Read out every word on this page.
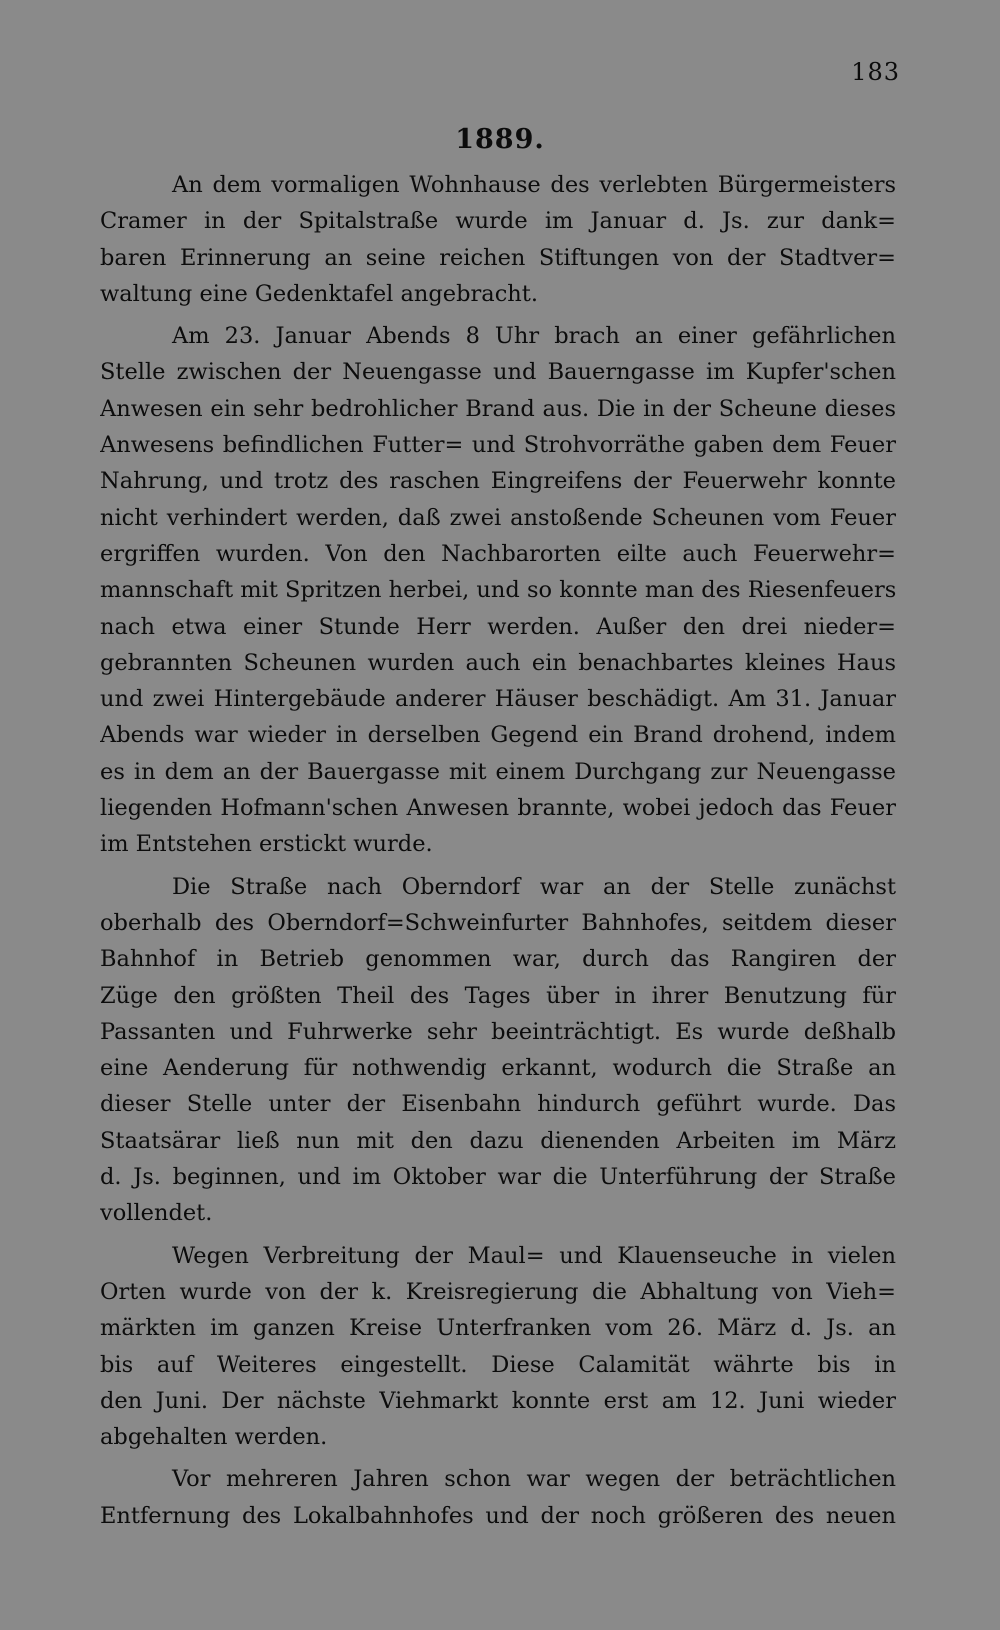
183
1889.

An dem vormaligen Wohnhause des verlebten Bürgermeisters
Cramer in der Spitalstraße wurde im Januar d. Js. zur dank=
baren Erinnerung an seine reichen Stiftungen von der Stadtver=
waltung eine Gedenktafel angebracht.

Am 23. Januar Abends 8 Uhr brach an einer gefährlichen
Stelle zwischen der Neuengasse und Bauerngasse im Kupfer'schen
Anwesen ein sehr bedrohlicher Brand aus. Die in der Scheune dieses
Anwesens befindlichen Futter= und Strohvorräthe gaben dem Feuer
Nahrung, und trotz des raschen Eingreifens der Feuerwehr konnte
nicht verhindert werden, daß zwei anstoßende Scheunen vom Feuer
ergriffen wurden. Von den Nachbarorten eilte auch Feuerwehr=
mannschaft mit Spritzen herbei, und so konnte man des Riesenfeuers
nach etwa einer Stunde Herr werden. Außer den drei nieder=
gebrannten Scheunen wurden auch ein benachbartes kleines Haus
und zwei Hintergebäude anderer Häuser beschädigt. Am 31. Januar
Abends war wieder in derselben Gegend ein Brand drohend, indem
es in dem an der Bauergasse mit einem Durchgang zur Neuengasse
liegenden Hofmann'schen Anwesen brannte, wobei jedoch das Feuer
im Entstehen erstickt wurde.

Die Straße nach Oberndorf war an der Stelle zunächst
oberhalb des Oberndorf=Schweinfurter Bahnhofes, seitdem dieser
Bahnhof in Betrieb genommen war, durch das Rangiren der
Züge den größten Theil des Tages über in ihrer Benutzung für
Passanten und Fuhrwerke sehr beeinträchtigt. Es wurde deßhalb
eine Aenderung für nothwendig erkannt, wodurch die Straße an
dieser Stelle unter der Eisenbahn hindurch geführt wurde. Das
Staatsärar ließ nun mit den dazu dienenden Arbeiten im März
d. Js. beginnen, und im Oktober war die Unterführung der Straße
vollendet.

Wegen Verbreitung der Maul= und Klauenseuche in vielen
Orten wurde von der k. Kreisregierung die Abhaltung von Vieh=
märkten im ganzen Kreise Unterfranken vom 26. März d. Js. an
bis auf Weiteres eingestellt. Diese Calamität währte bis in
den Juni. Der nächste Viehmarkt konnte erst am 12. Juni wieder
abgehalten werden.

Vor mehreren Jahren schon war wegen der beträchtlichen
Entfernung des Lokalbahnhofes und der noch größeren des neuen
